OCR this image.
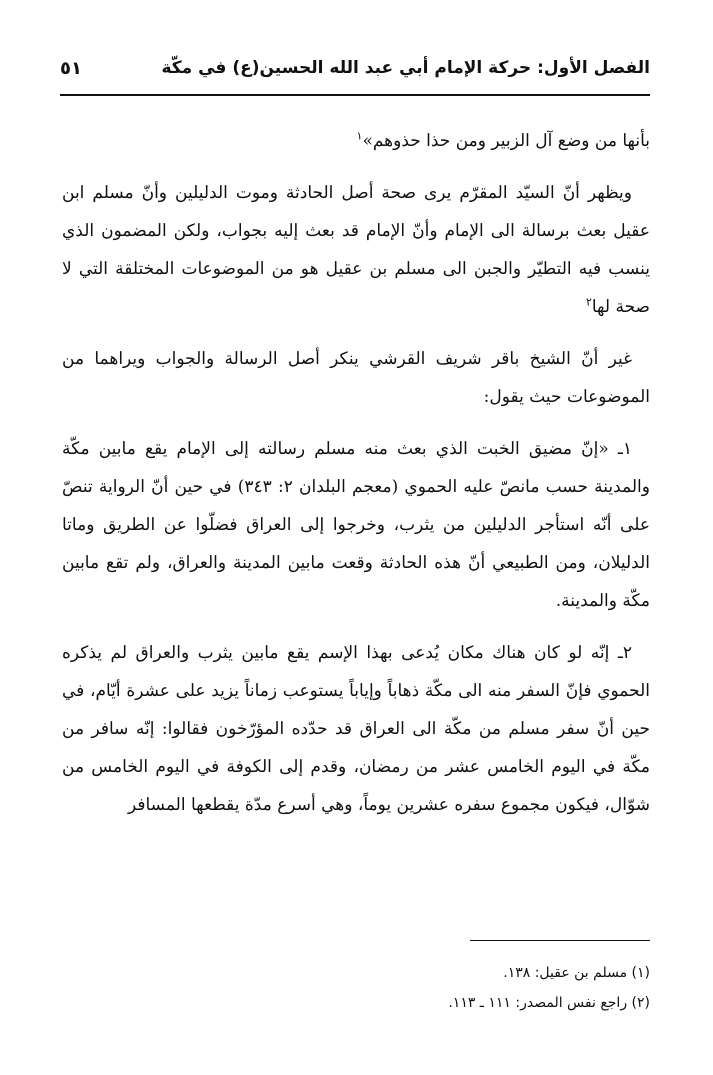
الفصل الأول: حركة الإمام أبي عبد الله الحسين(ع) في مكّة
٥١

بأنها من وضع آل الزبير ومن حذا حذوهم»$^١$

ويظهر أنّ السيّد المقرّم يرى صحة أصل الحادثة وموت الدليلين وأنّ مسلم ابن عقيل بعث برسالة الى الإمام وأنّ الإمام قد بعث إليه بجواب، ولكن المضمون الذي ينسب فيه التطيّر والجبن الى مسلم بن عقيل هو من الموضوعات المختلقة التي لا صحة لها$^٢$

غير أنّ الشيخ باقر شريف القرشي ينكر أصل الرسالة والجواب ويراهما من الموضوعات حيث يقول:

١ـ «إنّ مضيق الخبت الذي بعث منه مسلم رسالته إلى الإمام يقع مابين مكّة والمدينة حسب مانصّ عليه الحموي (معجم البلدان ٢: ٣٤٣) في حين أنّ الرواية تنصّ على أنّه استأجر الدليلين من يثرب، وخرجوا إلى العراق فضلّوا عن الطريق وماتا الدليلان، ومن الطبيعي أنّ هذه الحادثة وقعت مابين المدينة والعراق، ولم تقع مابين مكّة والمدينة.

٢ـ إنّه لو كان هناك مكان يُدعى بهذا الإسم يقع مابين يثرب والعراق لم يذكره الحموي فإنّ السفر منه الى مكّة ذهاباً وإياباً يستوعب زماناً يزيد على عشرة أيّام، في حين أنّ سفر مسلم من مكّة الى العراق قد حدّده المؤرّخون فقالوا: إنّه سافر من مكّة في اليوم الخامس عشر من رمضان، وقدم إلى الكوفة في اليوم الخامس من شوّال، فيكون مجموع سفره عشرين يوماً، وهي أسرع مدّة يقطعها المسافر

(١) مسلم بن عقيل: ١٣٨.
(٢) راجع نفس المصدر: ١١١ ـ ١١٣.
